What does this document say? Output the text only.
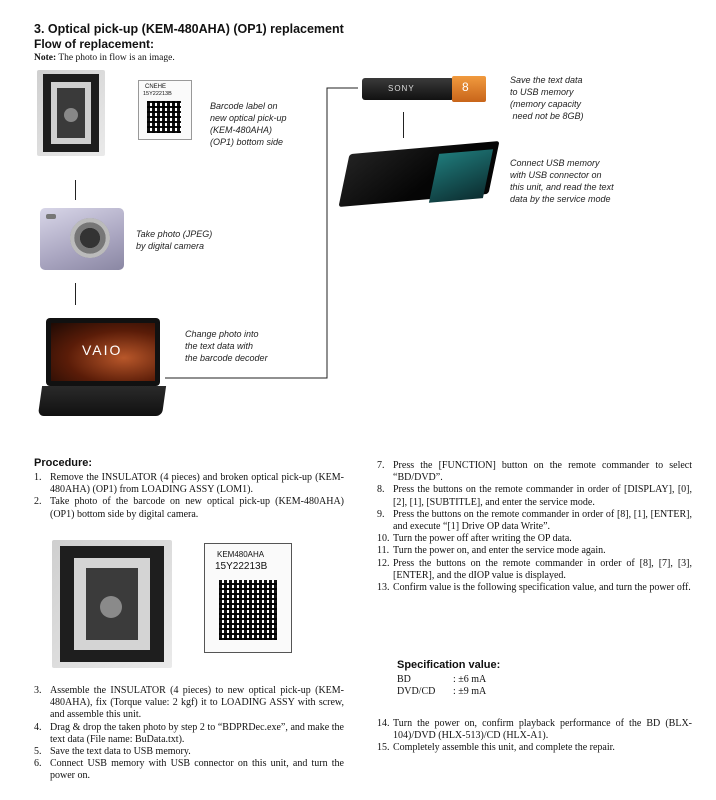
3. Optical pick-up (KEM-480AHA) (OP1) replacement
Flow of replacement:
Note: The photo in flow is an image.
CNEHE
15Y22213B
Barcode label on
new optical pick-up
(KEM-480AHA)
(OP1) bottom side
Take photo (JPEG)
by digital camera
VAIO
Change photo into
the text data with
the barcode decoder
SONY	8	Save the text data
to USB memory
(memory capacity
need not be 8GB)
Connect USB memory
with USB connector on
this unit, and read the text
data by the service mode
Procedure:
1. Remove the INSULATOR (4 pieces) and broken optical pick-up (KEM-480AHA) (OP1) from LOADING ASSY (LOM1).
2. Take photo of the barcode on new optical pick-up (KEM-480AHA) (OP1) bottom side by digital camera.
KEM480AHA
15Y22213B
3. Assemble the INSULATOR (4 pieces) to new optical pick-up (KEM-480AHA), fix (Torque value: 2 kgf) it to LOADING ASSY with screw, and assemble this unit.
4. Drag & drop the taken photo by step 2 to “BDPRDec.exe”, and make the text data (File name: BuData.txt).
5. Save the text data to USB memory.
6. Connect USB memory with USB connector on this unit, and turn the power on.
7. Press the [FUNCTION] button on the remote commander to select “BD/DVD”.
8. Press the buttons on the remote commander in order of [DISPLAY], [0], [2], [1], [SUBTITLE], and enter the service mode.
9. Press the buttons on the remote commander in order of [8], [1], [ENTER], and execute “[1] Drive OP data Write”.
10. Turn the power off after writing the OP data.
11. Turn the power on, and enter the service mode again.
12. Press the buttons on the remote commander in order of [8], [7], [3], [ENTER], and the dIOP value is displayed.
13. Confirm value is the following specification value, and turn the power off.
Specification value:
BD	: ±6 mA
DVD/CD	: ±9 mA
14. Turn the power on, confirm playback performance of the BD (BLX-104)/DVD (HLX-513)/CD (HLX-A1).
15. Completely assemble this unit, and complete the repair.
